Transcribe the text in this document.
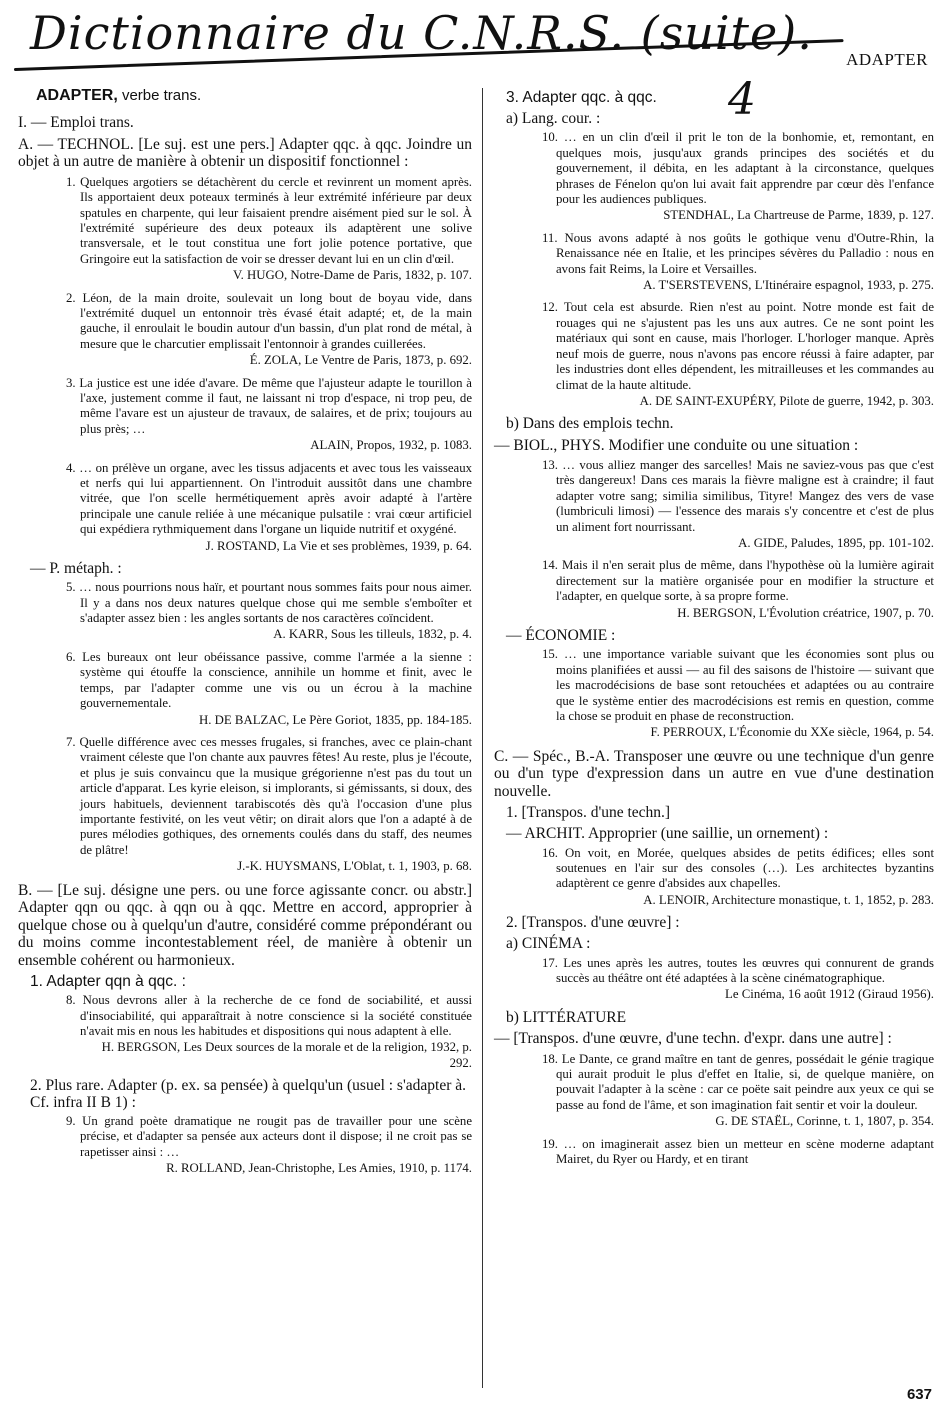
Dictionnaire du C.N.R.S. (suite). ADAPTER
4
ADAPTER, verbe trans.
I. — Emploi trans.
A. — TECHNOL. [Le suj. est une pers.] Adapter qqc. à qqc. Joindre un objet à un autre de manière à obtenir un dispositif fonctionnel :
1. Quelques argotiers se détachèrent du cercle et revinrent un moment après. Ils apportaient deux poteaux terminés à leur extrémité inférieure par deux spatules en charpente, qui leur faisaient prendre aisément pied sur le sol. À l'extrémité supérieure des deux poteaux ils adaptèrent une solive transversale, et le tout constitua une fort jolie potence portative, que Gringoire eut la satisfaction de voir se dresser devant lui en un clin d'œil.
V. HUGO, Notre-Dame de Paris, 1832, p. 107.
2. Léon, de la main droite, soulevait un long bout de boyau vide, dans l'extrémité duquel un entonnoir très évasé était adapté; et, de la main gauche, il enroulait le boudin autour d'un bassin, d'un plat rond de métal, à mesure que le charcutier emplissait l'entonnoir à grandes cuillerées.
É. ZOLA, Le Ventre de Paris, 1873, p. 692.
3. La justice est une idée d'avare. De même que l'ajusteur adapte le tourillon à l'axe, justement comme il faut, ne laissant ni trop d'espace, ni trop peu, de même l'avare est un ajusteur de travaux, de salaires, et de prix; toujours au plus près; …
ALAIN, Propos, 1932, p. 1083.
4. … on prélève un organe, avec les tissus adjacents et avec tous les vaisseaux et nerfs qui lui appartiennent. On l'introduit aussitôt dans une chambre vitrée, que l'on scelle hermétiquement après avoir adapté à l'artère principale une canule reliée à une mécanique pulsatile : vrai cœur artificiel qui expédiera rythmiquement dans l'organe un liquide nutritif et oxygéné.
J. ROSTAND, La Vie et ses problèmes, 1939, p. 64.
— P. métaph. :
5. … nous pourrions nous haïr, et pourtant nous sommes faits pour nous aimer. Il y a dans nos deux natures quelque chose qui me semble s'emboîter et s'adapter assez bien : les angles sortants de nos caractères coïncident.
A. KARR, Sous les tilleuls, 1832, p. 4.
6. Les bureaux ont leur obéissance passive, comme l'armée a la sienne : système qui étouffe la conscience, annihile un homme et finit, avec le temps, par l'adapter comme une vis ou un écrou à la machine gouvernementale.
H. DE BALZAC, Le Père Goriot, 1835, pp. 184-185.
7. Quelle différence avec ces messes frugales, si franches, avec ce plain-chant vraiment céleste que l'on chante aux pauvres fêtes! Au reste, plus je l'écoute, et plus je suis convaincu que la musique grégorienne n'est pas du tout un article d'apparat. Les kyrie eleison, si implorants, si gémissants, si doux, des jours habituels, deviennent tarabiscotés dès qu'à l'occasion d'une plus importante festivité, on les veut vêtir; on dirait alors que l'on a adapté à de pures mélodies gothiques, des ornements coulés dans du staff, des neumes de plâtre!
J.-K. HUYSMANS, L'Oblat, t. 1, 1903, p. 68.
B. — [Le suj. désigne une pers. ou une force agissante concr. ou abstr.] Adapter qqn ou qqc. à qqn ou à qqc. Mettre en accord, approprier à quelque chose ou à quelqu'un d'autre, considéré comme prépondérant ou du moins comme incontestablement réel, de manière à obtenir un ensemble cohérent ou harmonieux.
1. Adapter qqn à qqc. :
8. Nous devrons aller à la recherche de ce fond de sociabilité, et aussi d'insociabilité, qui apparaîtrait à notre conscience si la société constituée n'avait mis en nous les habitudes et dispositions qui nous adaptent à elle.
H. BERGSON, Les Deux sources de la morale et de la religion, 1932, p. 292.
2. Plus rare. Adapter (p. ex. sa pensée) à quelqu'un (usuel : s'adapter à. Cf. infra II B 1) :
9. Un grand poète dramatique ne rougit pas de travailler pour une scène précise, et d'adapter sa pensée aux acteurs dont il dispose; il ne croit pas se rapetisser ainsi : …
R. ROLLAND, Jean-Christophe, Les Amies, 1910, p. 1174.
3. Adapter qqc. à qqc.
a) Lang. cour. :
10. … en un clin d'œil il prit le ton de la bonhomie, et, remontant, en quelques mois, jusqu'aux grands principes des sociétés et du gouvernement, il débita, en les adaptant à la circonstance, quelques phrases de Fénelon qu'on lui avait fait apprendre par cœur dès l'enfance pour les audiences publiques.
STENDHAL, La Chartreuse de Parme, 1839, p. 127.
11. Nous avons adapté à nos goûts le gothique venu d'Outre-Rhin, la Renaissance née en Italie, et les principes sévères du Palladio : nous en avons fait Reims, la Loire et Versailles.
A. T'SERSTEVENS, L'Itinéraire espagnol, 1933, p. 275.
12. Tout cela est absurde. Rien n'est au point. Notre monde est fait de rouages qui ne s'ajustent pas les uns aux autres. Ce ne sont point les matériaux qui sont en cause, mais l'horloger. L'horloger manque. Après neuf mois de guerre, nous n'avons pas encore réussi à faire adapter, par les industries dont elles dépendent, les mitrailleuses et les commandes au climat de la haute altitude.
A. DE SAINT-EXUPÉRY, Pilote de guerre, 1942, p. 303.
b) Dans des emplois techn.
— BIOL., PHYS. Modifier une conduite ou une situation :
13. … vous alliez manger des sarcelles! Mais ne saviez-vous pas que c'est très dangereux! Dans ces marais la fièvre maligne est à craindre; il faut adapter votre sang; similia similibus, Tityre! Mangez des vers de vase (lumbriculi limosi) — l'essence des marais s'y concentre et c'est de plus un aliment fort nourrissant.
A. GIDE, Paludes, 1895, pp. 101-102.
14. Mais il n'en serait plus de même, dans l'hypothèse où la lumière agirait directement sur la matière organisée pour en modifier la structure et l'adapter, en quelque sorte, à sa propre forme.
H. BERGSON, L'Évolution créatrice, 1907, p. 70.
— ÉCONOMIE :
15. … une importance variable suivant que les économies sont plus ou moins planifiées et aussi — au fil des saisons de l'histoire — suivant que les macrodécisions de base sont retouchées et adaptées ou au contraire que le système entier des macrodécisions est remis en question, comme la chose se produit en phase de reconstruction.
F. PERROUX, L'Économie du XXe siècle, 1964, p. 54.
C. — Spéc., B.-A. Transposer une œuvre ou une technique d'un genre ou d'un type d'expression dans un autre en vue d'une destination nouvelle.
1. [Transpos. d'une techn.]
— ARCHIT. Approprier (une saillie, un ornement) :
16. On voit, en Morée, quelques absides de petits édifices; elles sont soutenues en l'air sur des consoles (…). Les architectes byzantins adaptèrent ce genre d'absides aux chapelles.
A. LENOIR, Architecture monastique, t. 1, 1852, p. 283.
2. [Transpos. d'une œuvre] :
a) CINÉMA :
17. Les unes après les autres, toutes les œuvres qui connurent de grands succès au théâtre ont été adaptées à la scène cinématographique.
Le Cinéma, 16 août 1912 (Giraud 1956).
b) LITTÉRATURE
— [Transpos. d'une œuvre, d'une techn. d'expr. dans une autre] :
18. Le Dante, ce grand maître en tant de genres, possédait le génie tragique qui aurait produit le plus d'effet en Italie, si, de quelque manière, on pouvait l'adapter à la scène : car ce poëte sait peindre aux yeux ce qui se passe au fond de l'âme, et son imagination fait sentir et voir la douleur.
G. DE STAËL, Corinne, t. 1, 1807, p. 354.
19. … on imaginerait assez bien un metteur en scène moderne adaptant Mairet, du Ryer ou Hardy, et en tirant
637
